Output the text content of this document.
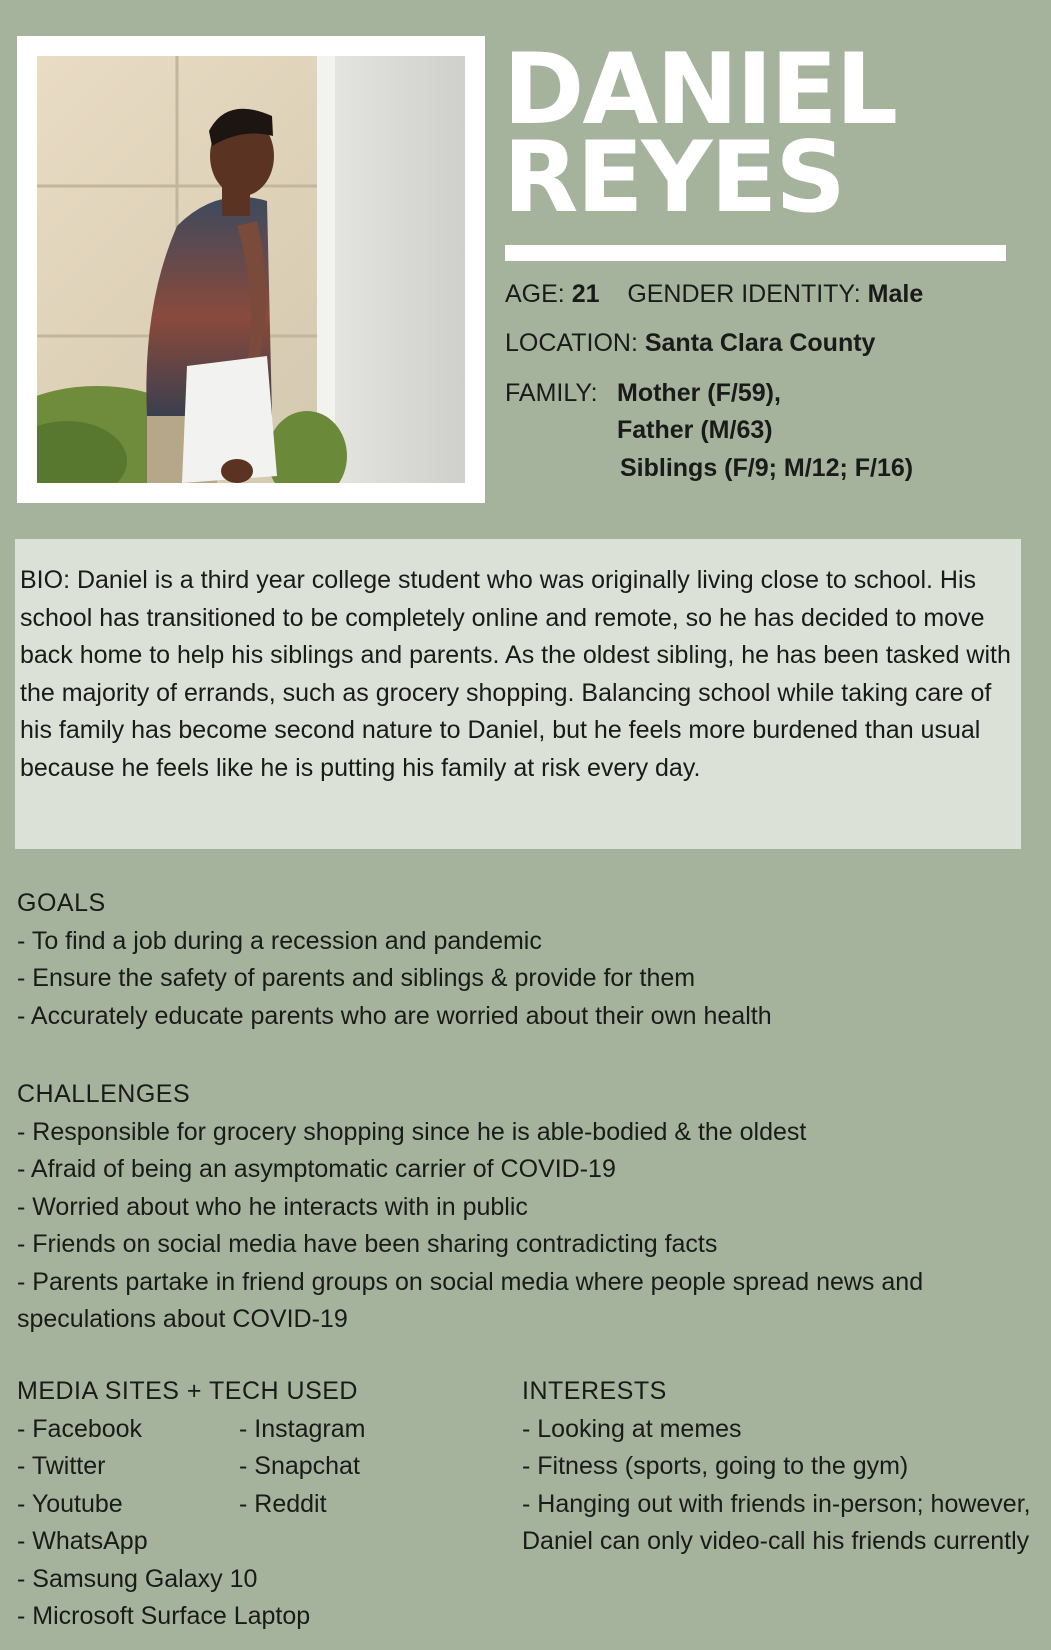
DANIEL
REYES
AGE: 21 GENDER IDENTITY: Male
LOCATION: Santa Clara County
FAMILY: Mother (F/59),
Father (M/63)
Siblings (F/9; M/12; F/16)
BIO: Daniel is a third year college student who was originally living close to school. His school has transitioned to be completely online and remote, so he has decided to move back home to help his siblings and parents. As the oldest sibling, he has been tasked with the majority of errands, such as grocery shopping. Balancing school while taking care of his family has become second nature to Daniel, but he feels more burdened than usual because he feels like he is putting his family at risk every day.
GOALS
- To find a job during a recession and pandemic
- Ensure the safety of parents and siblings & provide for them
- Accurately educate parents who are worried about their own health
CHALLENGES
- Responsible for grocery shopping since he is able-bodied & the oldest
- Afraid of being an asymptomatic carrier of COVID-19
- Worried about who he interacts with in public
- Friends on social media have been sharing contradicting facts
- Parents partake in friend groups on social media where people spread news and speculations about COVID-19
MEDIA SITES + TECH USED
- Facebook	- Instagram
- Twitter	- Snapchat
- Youtube	- Reddit
- WhatsApp
- Samsung Galaxy 10
- Microsoft Surface Laptop
INTERESTS
- Looking at memes
- Fitness (sports, going to the gym)
- Hanging out with friends in-person; however, Daniel can only video-call his friends currently
